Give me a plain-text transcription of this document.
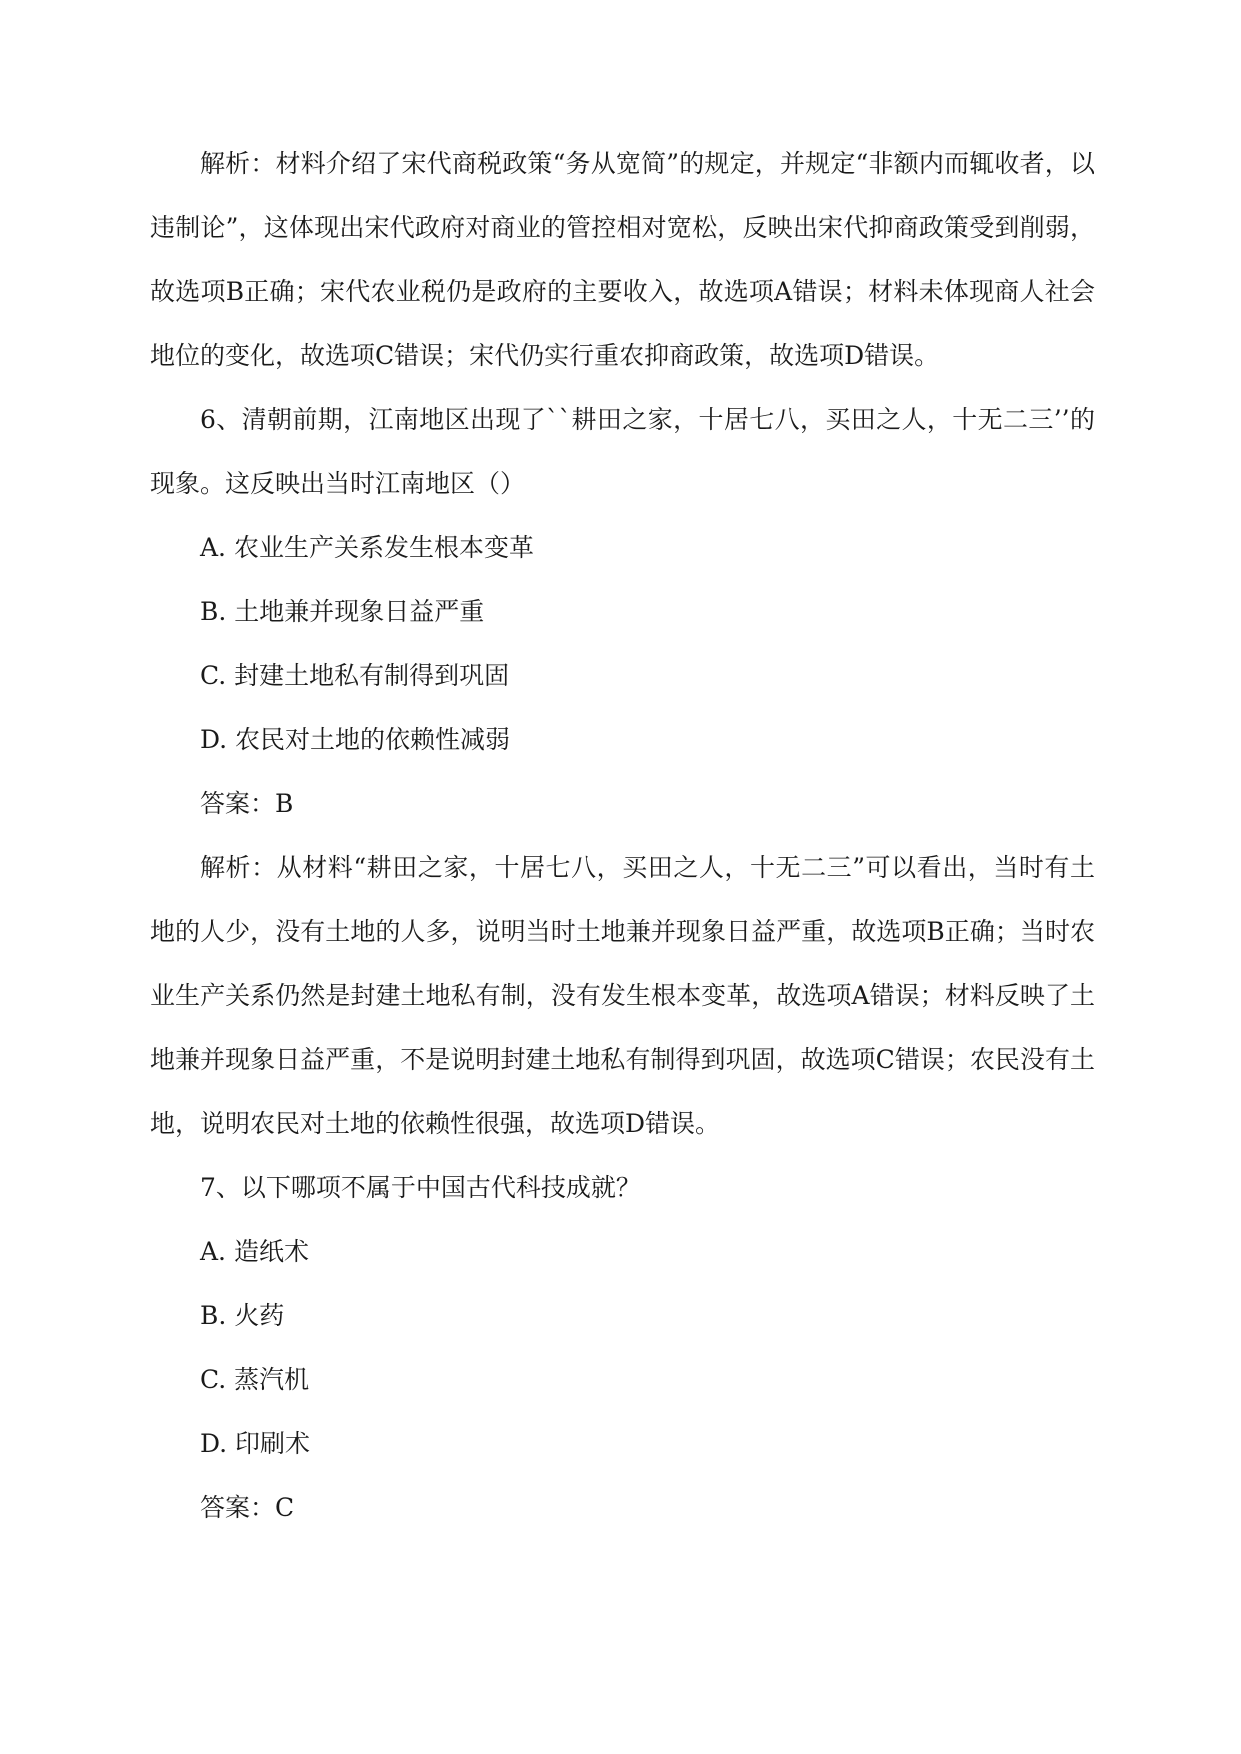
解析：材料介绍了宋代商税政策“务从宽简”的规定，并规定“非额内而辄收者，以违制论”，这体现出宋代政府对商业的管控相对宽松，反映出宋代抑商政策受到削弱，故选项B正确；宋代农业税仍是政府的主要收入，故选项A错误；材料未体现商人社会地位的变化，故选项C错误；宋代仍实行重农抑商政策，故选项D错误。

6、清朝前期，江南地区出现了``耕田之家，十居七八，买田之人，十无二三’’的现象。这反映出当时江南地区（）

A. 农业生产关系发生根本变革

B. 土地兼并现象日益严重

C. 封建土地私有制得到巩固

D. 农民对土地的依赖性减弱

答案：B

解析：从材料“耕田之家，十居七八，买田之人，十无二三”可以看出，当时有土地的人少，没有土地的人多，说明当时土地兼并现象日益严重，故选项B正确；当时农业生产关系仍然是封建土地私有制，没有发生根本变革，故选项A错误；材料反映了土地兼并现象日益严重，不是说明封建土地私有制得到巩固，故选项C错误；农民没有土地，说明农民对土地的依赖性很强，故选项D错误。

7、以下哪项不属于中国古代科技成就？

A. 造纸术

B. 火药

C. 蒸汽机

D. 印刷术

答案：C
